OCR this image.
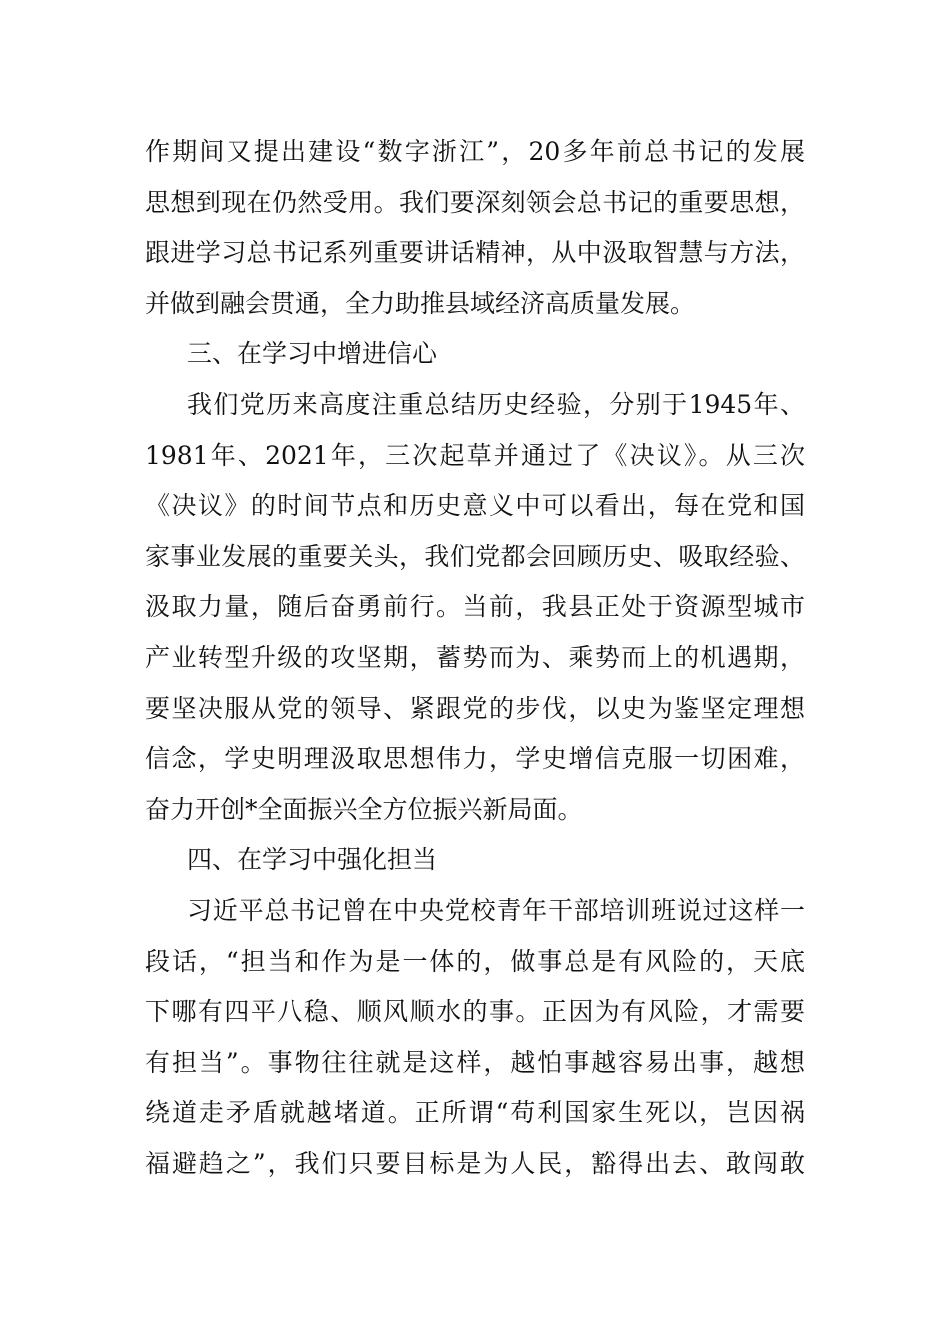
作期间又提出建设“数字浙江”，20多年前总书记的发展
思想到现在仍然受用。我们要深刻领会总书记的重要思想，
跟进学习总书记系列重要讲话精神，从中汲取智慧与方法，
并做到融会贯通，全力助推县域经济高质量发展。
三、在学习中增进信心
我们党历来高度注重总结历史经验，分别于1945年、
1981年、2021年，三次起草并通过了《决议》。从三次
《决议》的时间节点和历史意义中可以看出，每在党和国
家事业发展的重要关头，我们党都会回顾历史、吸取经验、
汲取力量，随后奋勇前行。当前，我县正处于资源型城市
产业转型升级的攻坚期，蓄势而为、乘势而上的机遇期，
要坚决服从党的领导、紧跟党的步伐，以史为鉴坚定理想
信念，学史明理汲取思想伟力，学史增信克服一切困难，
奋力开创*全面振兴全方位振兴新局面。
四、在学习中强化担当
习近平总书记曾在中央党校青年干部培训班说过这样一
段话，“担当和作为是一体的，做事总是有风险的，天底
下哪有四平八稳、顺风顺水的事。正因为有风险，才需要
有担当”。事物往往就是这样，越怕事越容易出事，越想
绕道走矛盾就越堵道。正所谓“苟利国家生死以，岂因祸
福避趋之”，我们只要目标是为人民，豁得出去、敢闯敢
